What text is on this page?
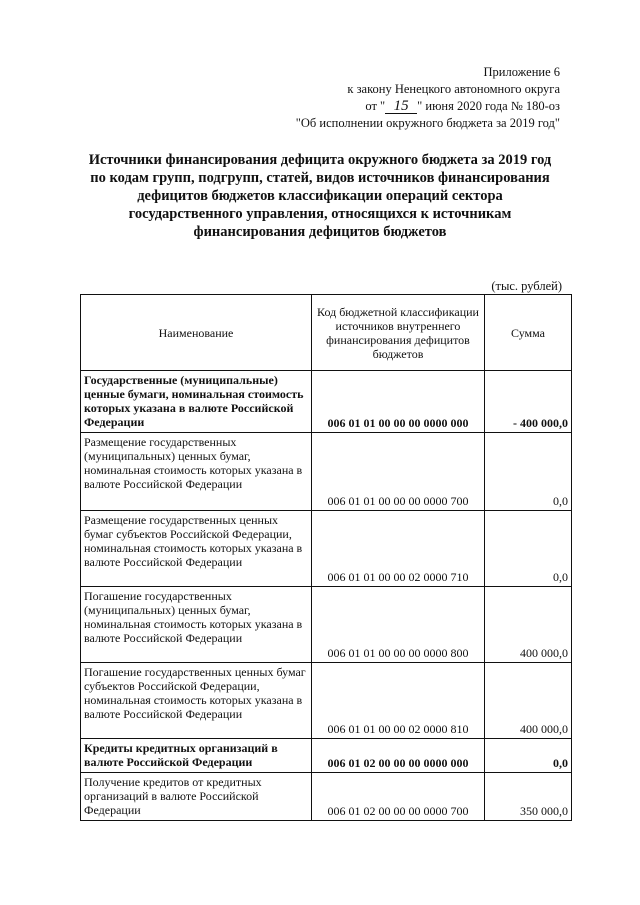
Приложение 6
к закону Ненецкого автономного округа
от " 15 " июня 2020 года № 180-оз
"Об исполнении окружного бюджета за 2019 год"
Источники финансирования дефицита окружного бюджета за 2019 год
по кодам групп, подгрупп, статей, видов источников финансирования
дефицитов бюджетов классификации операций сектора
государственного управления, относящихся к источникам
финансирования дефицитов бюджетов
(тыс. рублей)
Наименование	Код бюджетной классификации источников внутреннего финансирования дефицитов бюджетов	Сумма
Государственные (муниципальные) ценные бумаги, номинальная стоимость которых указана в валюте Российской Федерации	006 01 01 00 00 00 0000 000	- 400 000,0
Размещение государственных (муниципальных) ценных бумаг, номинальная стоимость которых указана в валюте Российской Федерации	006 01 01 00 00 00 0000 700	0,0
Размещение государственных ценных бумаг субъектов Российской Федерации, номинальная стоимость которых указана в валюте Российской Федерации	006 01 01 00 00 02 0000 710	0,0
Погашение государственных (муниципальных) ценных бумаг, номинальная стоимость которых указана в валюте Российской Федерации	006 01 01 00 00 00 0000 800	400 000,0
Погашение государственных ценных бумаг субъектов Российской Федерации, номинальная стоимость которых указана в валюте Российской Федерации	006 01 01 00 00 02 0000 810	400 000,0
Кредиты кредитных организаций в валюте Российской Федерации	006 01 02 00 00 00 0000 000	0,0
Получение кредитов от кредитных организаций в валюте Российской Федерации	006 01 02 00 00 00 0000 700	350 000,0
